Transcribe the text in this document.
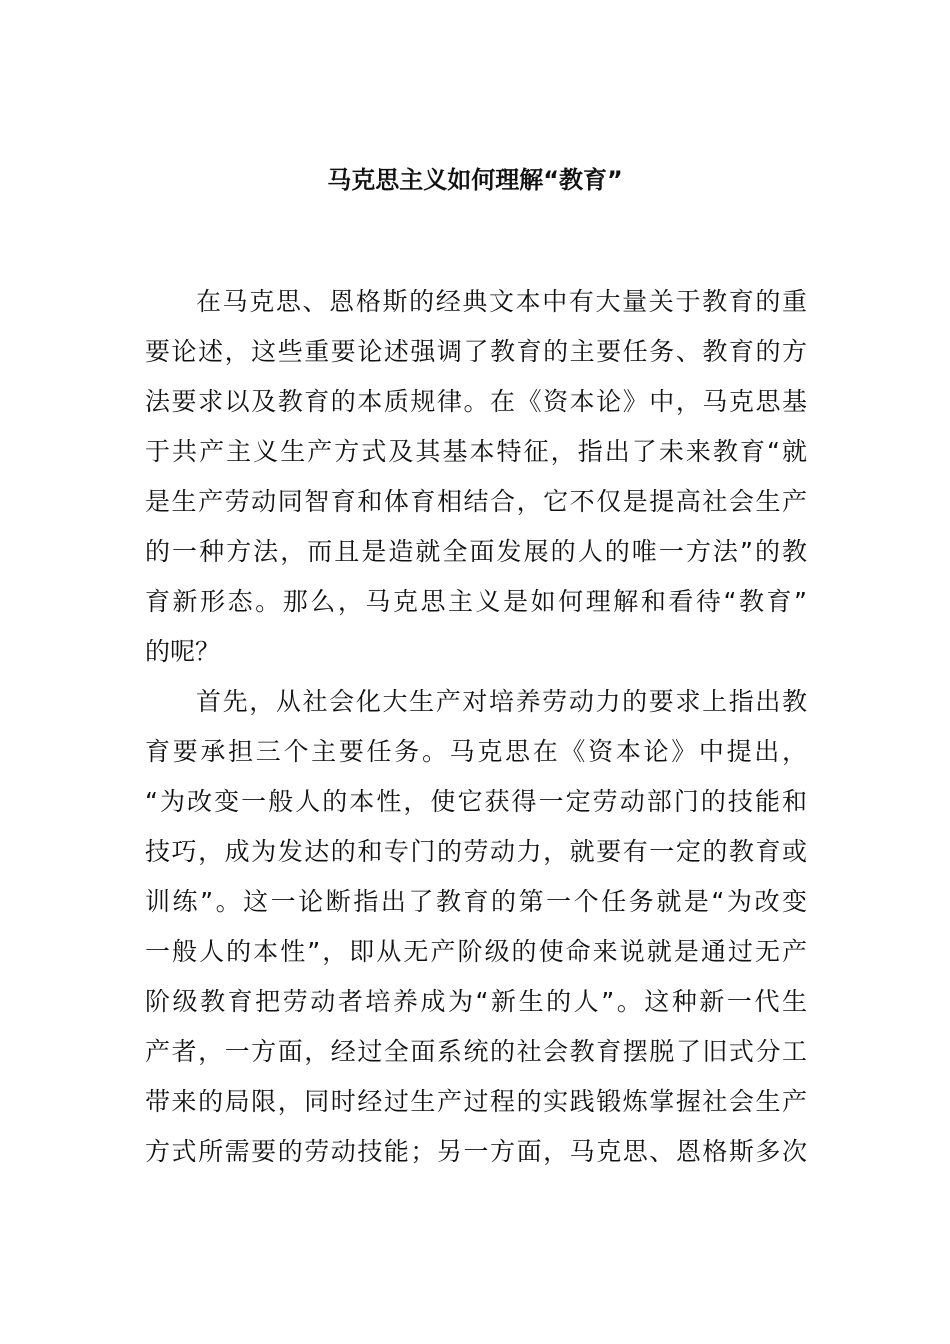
马克思主义如何理解“教育”
在马克思、恩格斯的经典文本中有大量关于教育的重
要论述，这些重要论述强调了教育的主要任务、教育的方
法要求以及教育的本质规律。在《资本论》中，马克思基
于共产主义生产方式及其基本特征，指出了未来教育“就
是生产劳动同智育和体育相结合，它不仅是提高社会生产
的一种方法，而且是造就全面发展的人的唯一方法”的教
育新形态。那么，马克思主义是如何理解和看待“教育”
的呢？
首先，从社会化大生产对培养劳动力的要求上指出教
育要承担三个主要任务。马克思在《资本论》中提出，
“为改变一般人的本性，使它获得一定劳动部门的技能和
技巧，成为发达的和专门的劳动力，就要有一定的教育或
训练”。这一论断指出了教育的第一个任务就是“为改变
一般人的本性”，即从无产阶级的使命来说就是通过无产
阶级教育把劳动者培养成为“新生的人”。这种新一代生
产者，一方面，经过全面系统的社会教育摆脱了旧式分工
带来的局限，同时经过生产过程的实践锻炼掌握社会生产
方式所需要的劳动技能；另一方面，马克思、恩格斯多次
